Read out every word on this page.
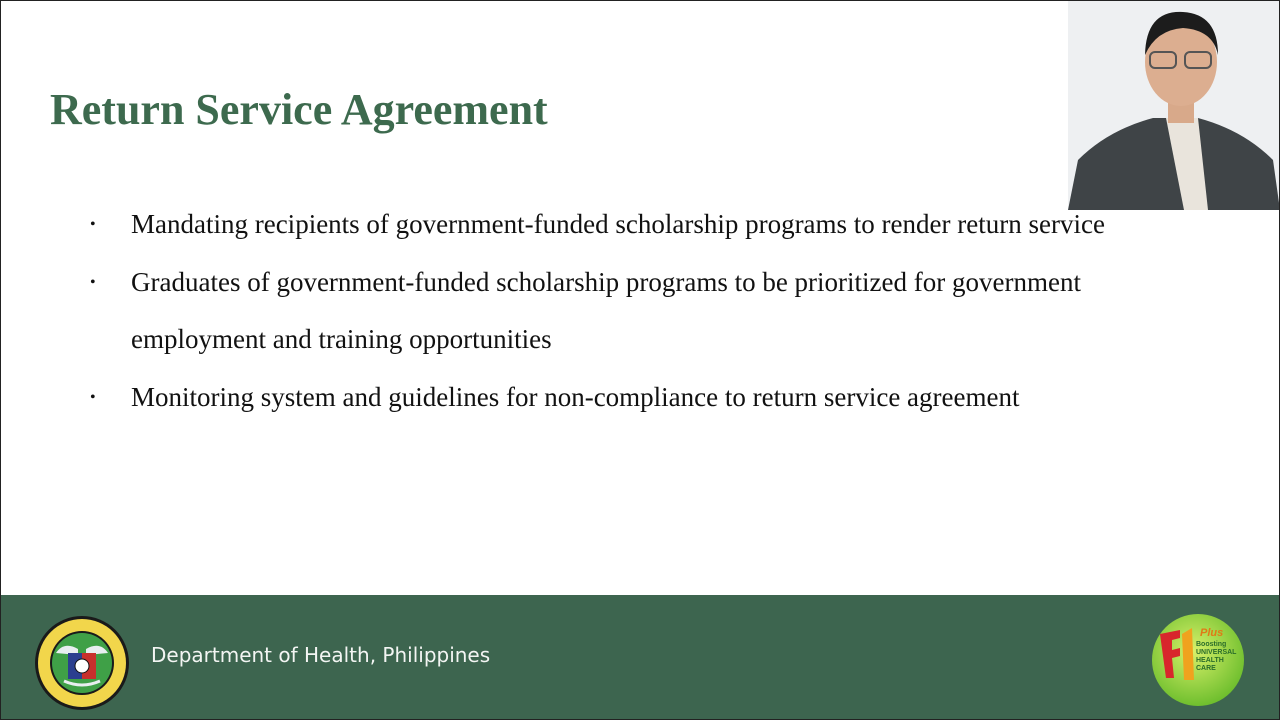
Return Service Agreement
• Mandating recipients of government-funded scholarship programs to render return service
• Graduates of government-funded scholarship programs to be prioritized for government employment and training opportunities
• Monitoring system and guidelines for non-compliance to return service agreement
Department of Health, Philippines
Plus
Boosting
UNIVERSAL
HEALTH
CARE
